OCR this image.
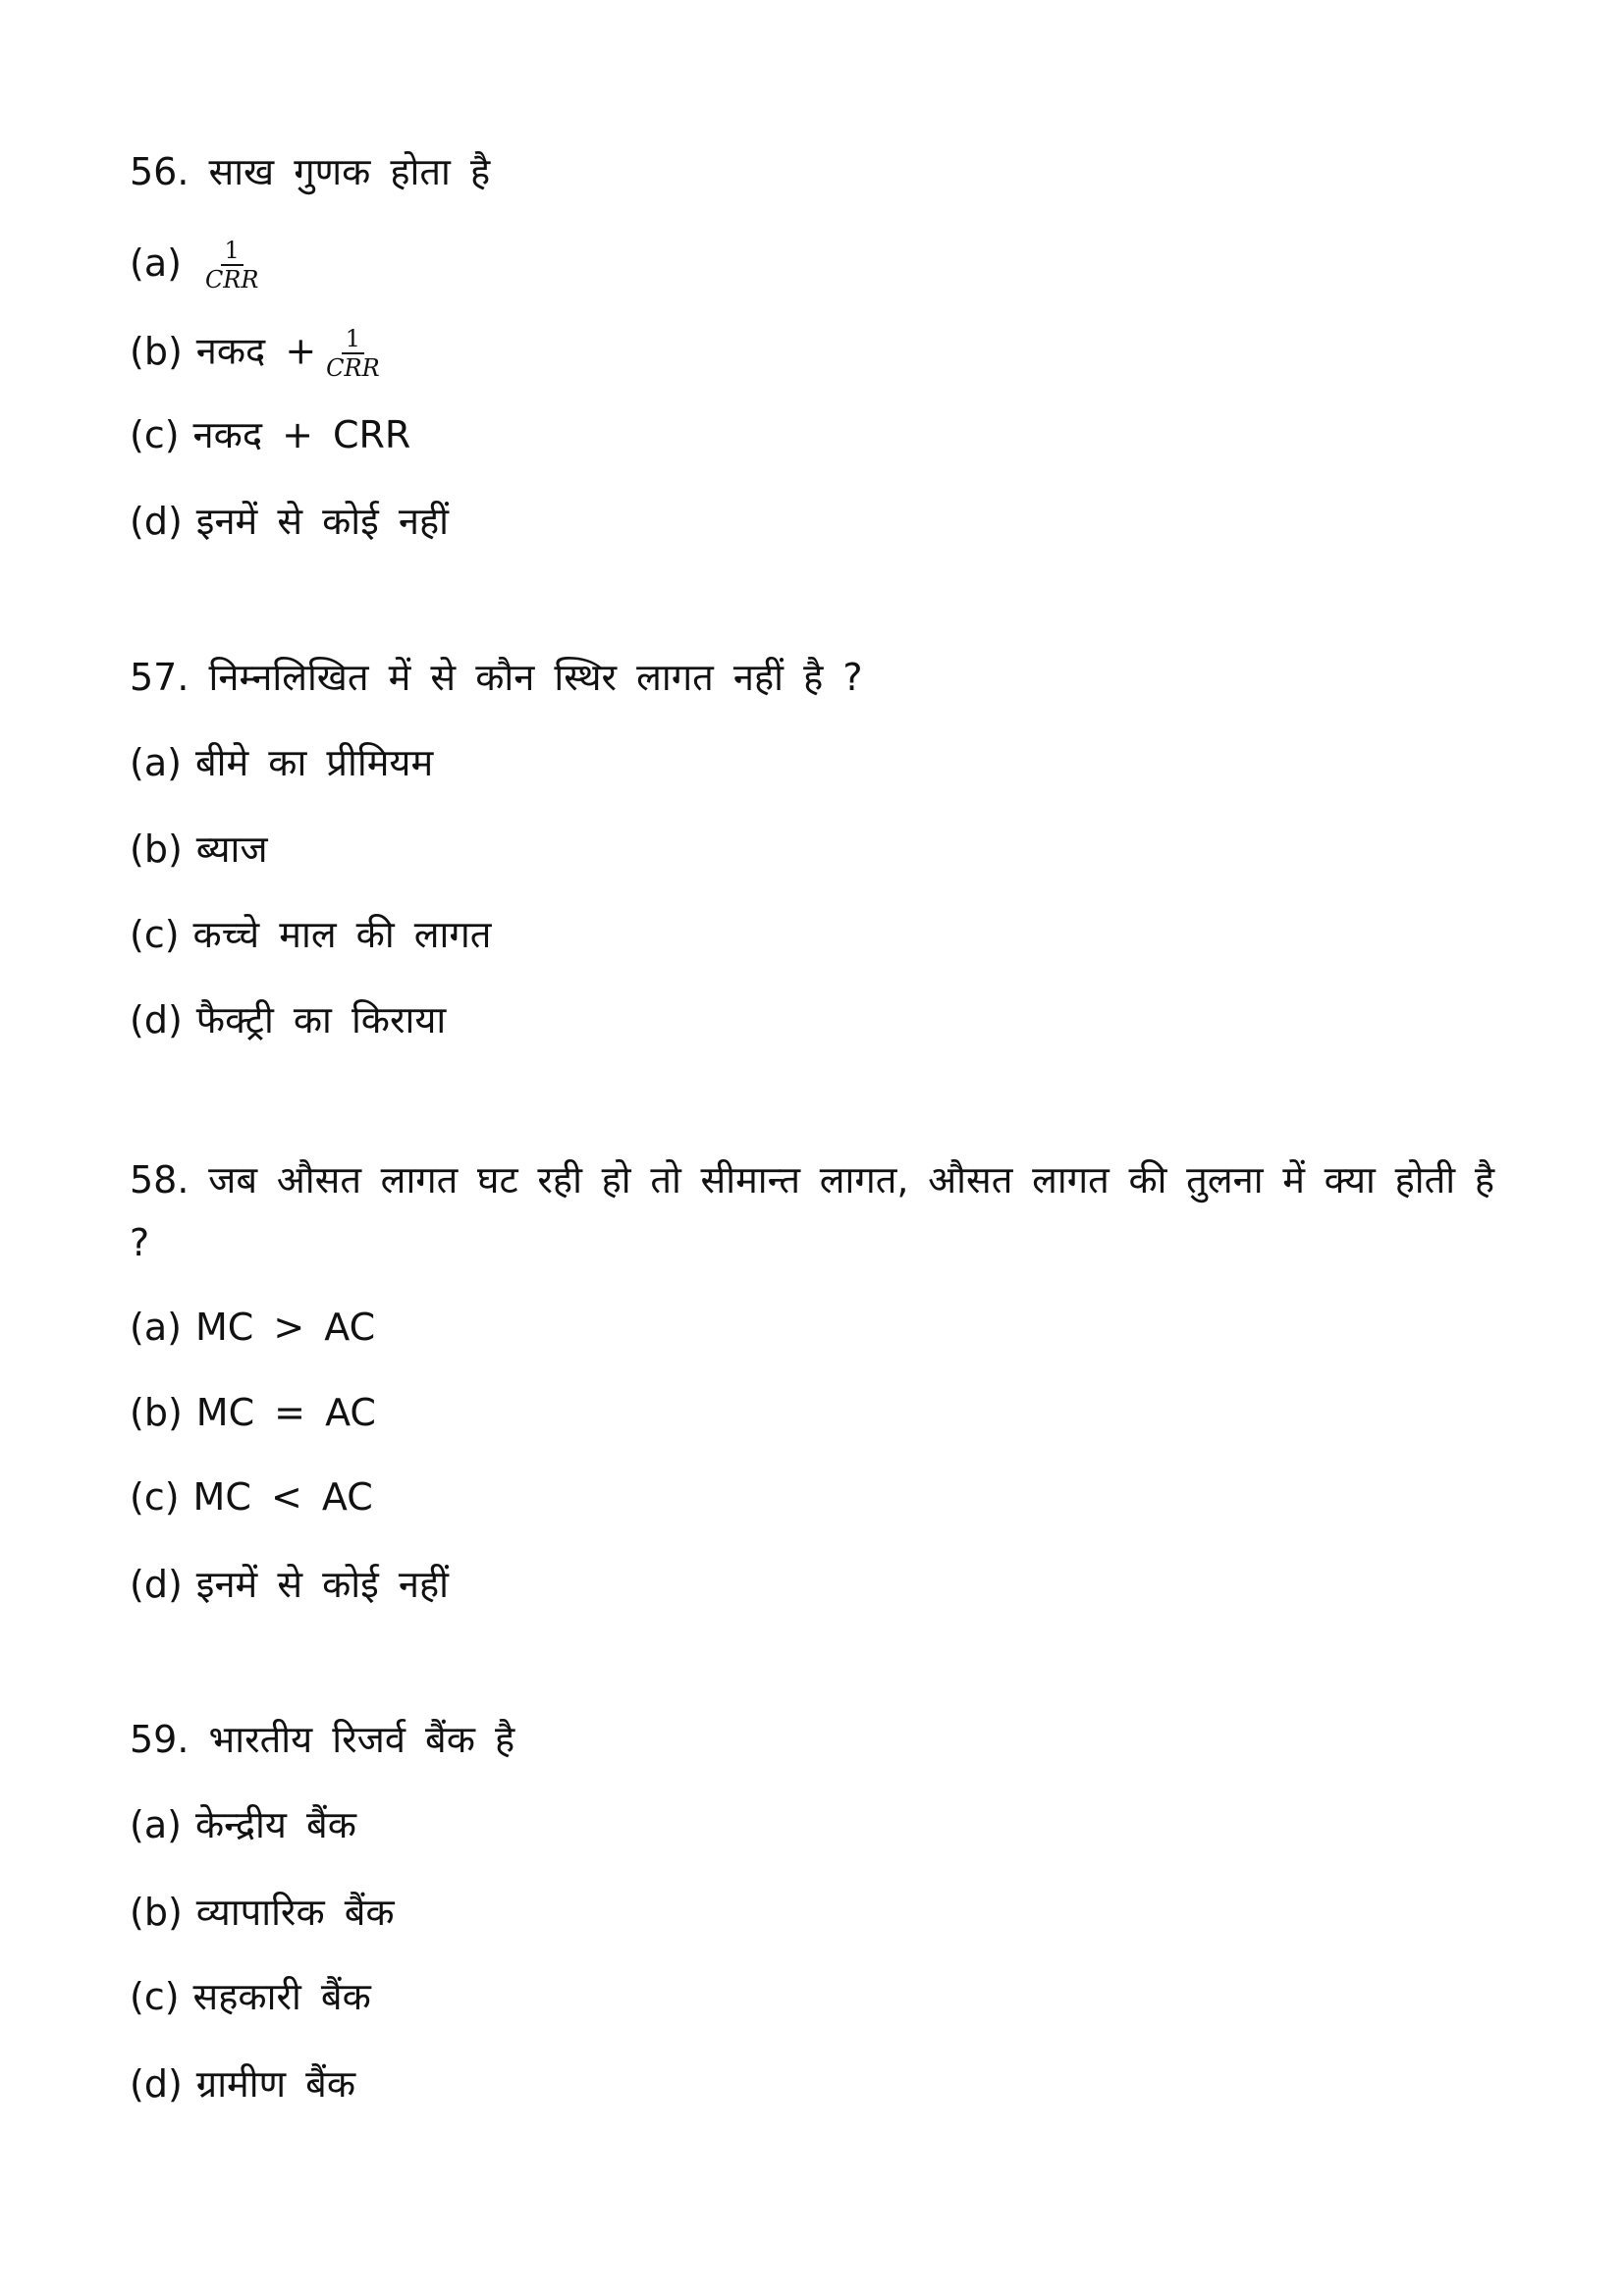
56. साख गुणक होता है
$(a) \frac{1}{\text{CRR}}$
(b) नकद + $\frac{1}{\text{CRR}}$
(c) नकद + CRR
(d) इनमें से कोई नहीं
57. निम्नलिखित में से कौन स्थिर लागत नहीं है ?
(a) बीमे का प्रीमियम
(b) ब्याज
(c) कच्चे माल की लागत
(d) फैक्ट्री का किराया
58. जब औसत लागत घट रही हो तो सीमान्त लागत, औसत लागत की तुलना में क्या होती है ?
(a) MC > AC
(b) MC = AC
(c) MC < AC
(d) इनमें से कोई नहीं
59. भारतीय रिजर्व बैंक है
(a) केन्द्रीय बैंक
(b) व्यापारिक बैंक
(c) सहकारी बैंक
(d) ग्रामीण बैंक
